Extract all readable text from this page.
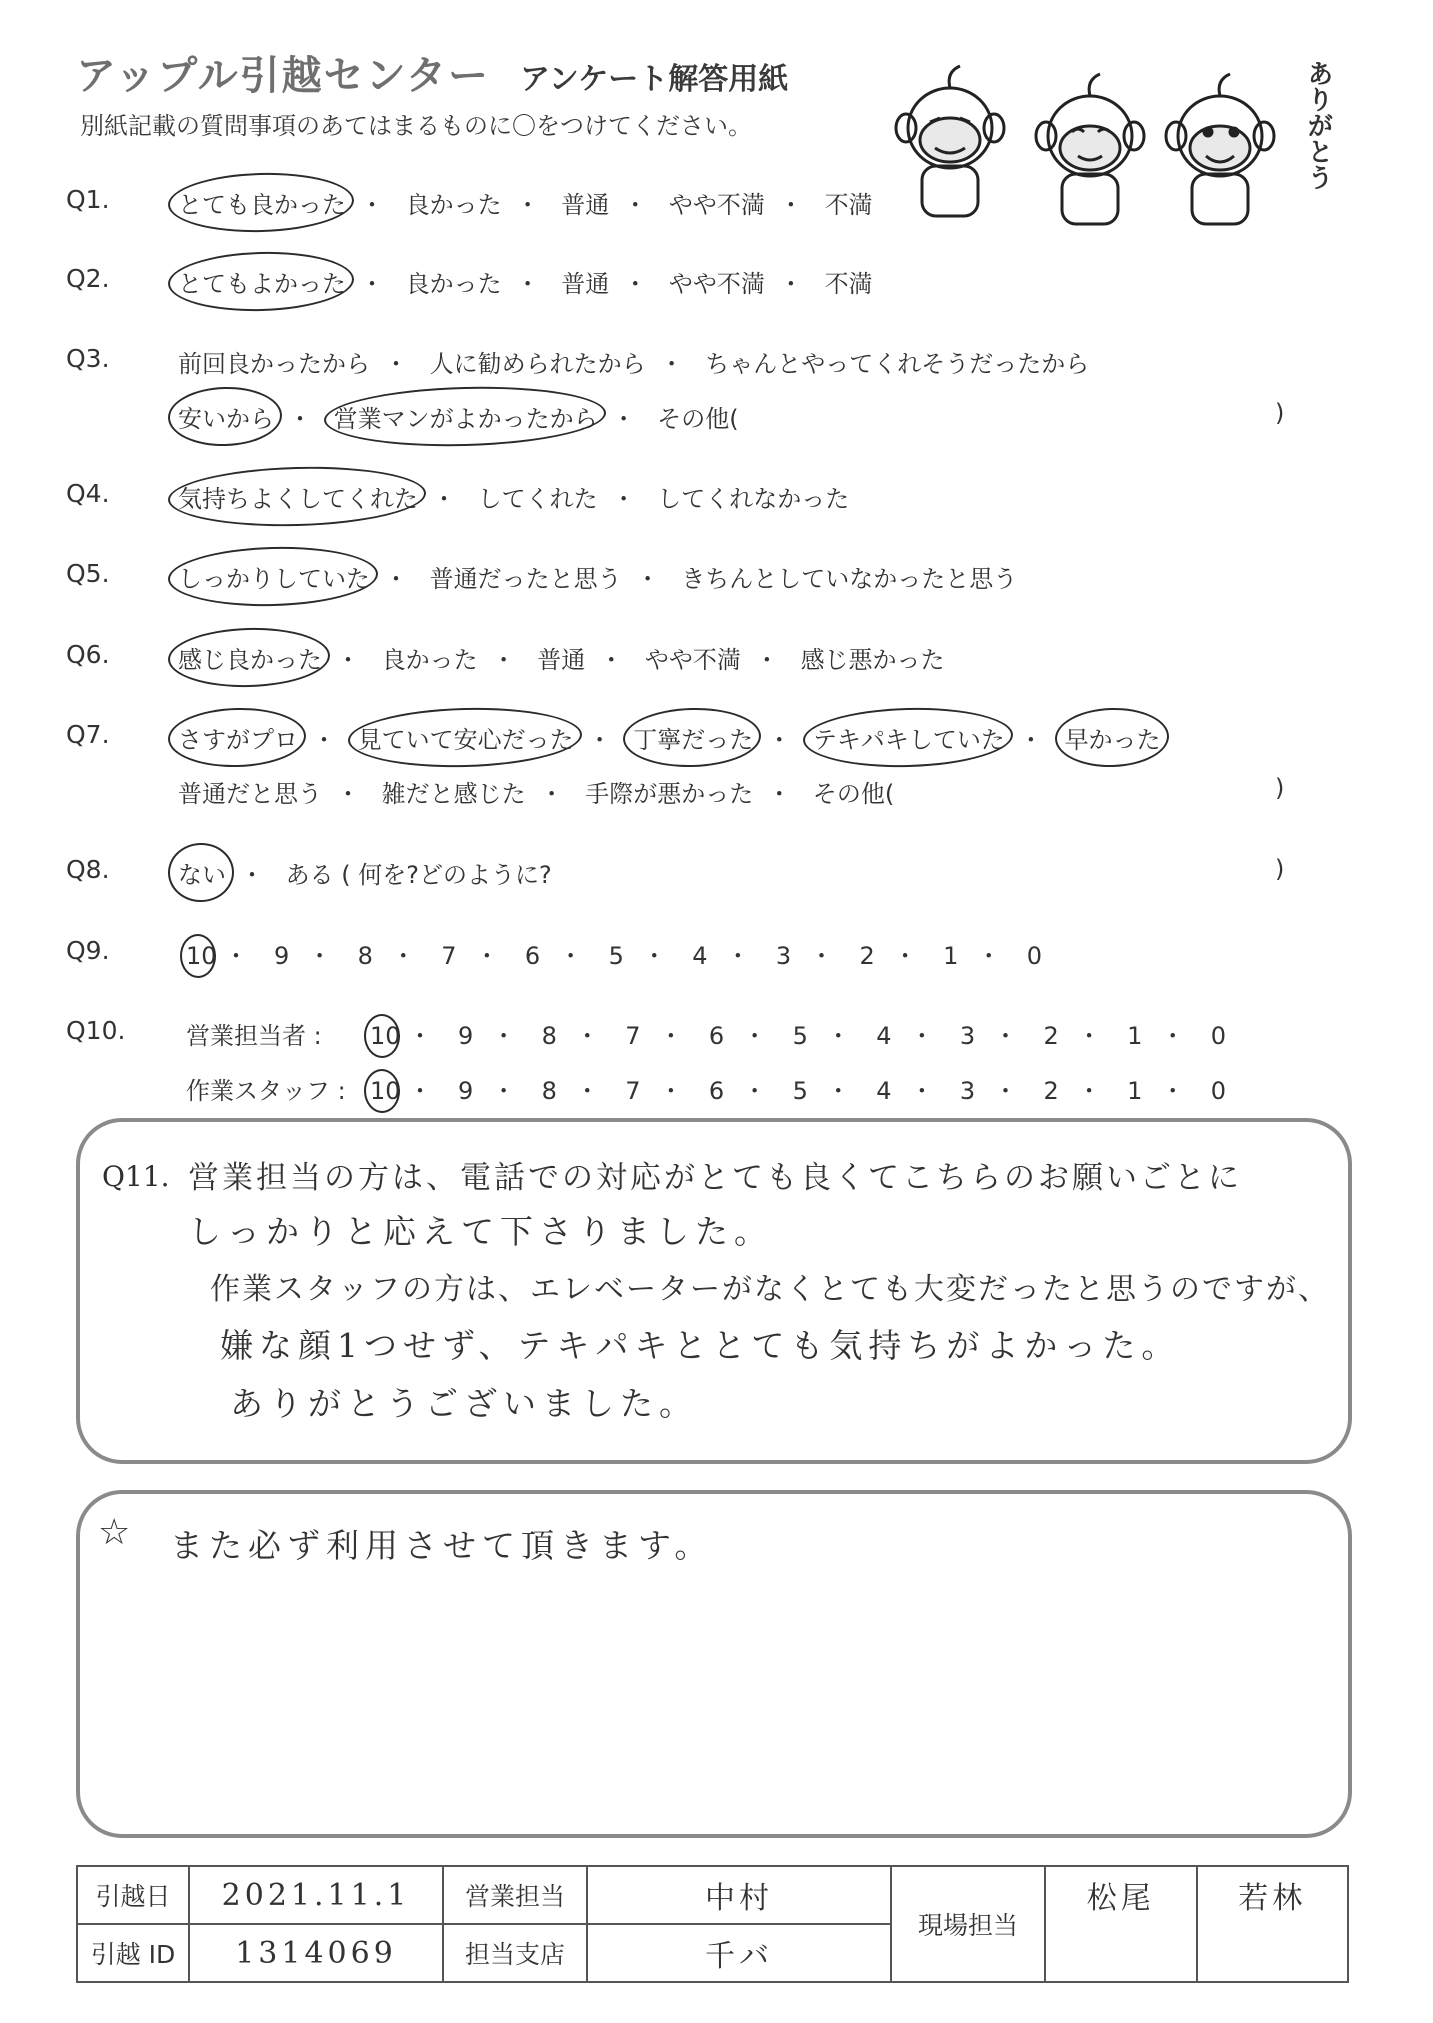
アップル引越センター アンケート解答用紙
別紙記載の質問事項のあてはまるものに〇をつけてください。	ありがとう
Q1.	とても良かった ・ 良かった ・ 普通 ・ やや不満 ・ 不満
Q2.	とてもよかった ・ 良かった ・ 普通 ・ やや不満 ・ 不満
Q3.	前回良かったから ・ 人に勧められたから ・ ちゃんとやってくれそうだったから
安いから ・ 営業マンがよかったから ・ その他(	)
Q4.	気持ちよくしてくれた ・ してくれた ・ してくれなかった
Q5.	しっかりしていた ・ 普通だったと思う ・ きちんとしていなかったと思う
Q6.	感じ良かった ・ 良かった ・ 普通 ・ やや不満 ・ 感じ悪かった
Q7.	さすがプロ ・ 見ていて安心だった ・ 丁寧だった ・ テキパキしていた ・ 早かった
普通だと思う ・ 雑だと感じた ・ 手際が悪かった ・ その他(	)
Q8.	ない ・ ある ( 何を?どのように?	)
Q9.	10 ・ 9 ・ 8 ・ 7 ・ 6 ・ 5 ・ 4 ・ 3 ・ 2 ・ 1 ・ 0
Q10.	営業担当者 : 10 ・ 9 ・ 8 ・ 7 ・ 6 ・ 5 ・ 4 ・ 3 ・ 2 ・ 1 ・ 0
作業スタッフ : 10 ・ 9 ・ 8 ・ 7 ・ 6 ・ 5 ・ 4 ・ 3 ・ 2 ・ 1 ・ 0
Q11. 営業担当の方は、電話での対応がとても良くてこちらのお願いごとに
しっかりと応えて下さりました。
作業スタッフの方は、エレベーターがなくとても大変だったと思うのですが、
嫌な顔1つせず、テキパキととても気持ちがよかった。
ありがとうございました。
☆ また必ず利用させて頂きます。
引越日	2021.11.1	営業担当	中村	現場担当	松尾	若林
引越 ID	1314069	担当支店	千バ			
